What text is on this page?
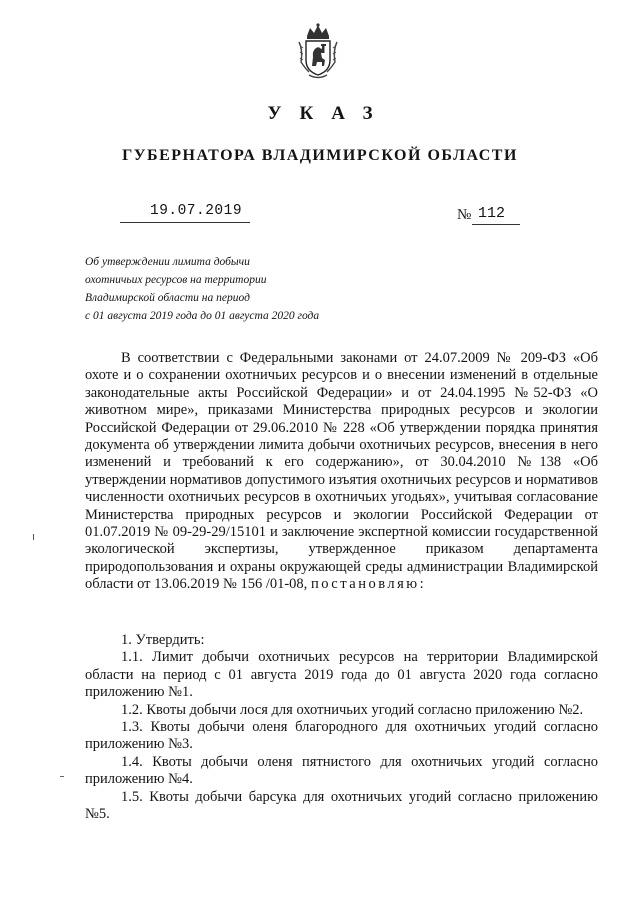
УКАЗ
ГУБЕРНАТОРА ВЛАДИМИРСКОЙ ОБЛАСТИ
19.07.2019	№ 112
Об утверждении лимита добычи
охотничьих ресурсов на территории
Владимирской области на период
с 01 августа 2019 года до 01 августа 2020 года

В соответствии с Федеральными законами от 24.07.2009 № 209-ФЗ «Об охоте и о сохранении охотничьих ресурсов и о внесении изменений в отдельные законодательные акты Российской Федерации» и от 24.04.1995 №52-ФЗ «О животном мире», приказами Министерства природных ресурсов и экологии Российской Федерации от 29.06.2010 № 228 «Об утверждении порядка принятия документа об утверждении лимита добычи охотничьих ресурсов, внесения в него изменений и требований к его содержанию», от 30.04.2010 №138 «Об утверждении нормативов допустимого изъятия охотничьих ресурсов и нормативов численности охотничьих ресурсов в охотничьих угодьях», учитывая согласование Министерства природных ресурсов и экологии Российской Федерации от 01.07.2019 № 09-29-29/15101 и заключение экспертной комиссии государственной экологической экспертизы, утвержденное приказом департамента природопользования и охраны окружающей среды администрации Владимирской области от 13.06.2019 № 156 /01-08, постановляю:

1. Утвердить:

1.1. Лимит добычи охотничьих ресурсов на территории Владимирской области на период с 01 августа 2019 года до 01 августа 2020 года согласно приложению №1.

1.2. Квоты добычи лося для охотничьих угодий согласно приложению №2.

1.3. Квоты добычи оленя благородного для охотничьих угодий согласно приложению №3.

1.4. Квоты добычи оленя пятнистого для охотничьих угодий согласно приложению №4.

1.5. Квоты добычи барсука для охотничьих угодий согласно приложению №5.
